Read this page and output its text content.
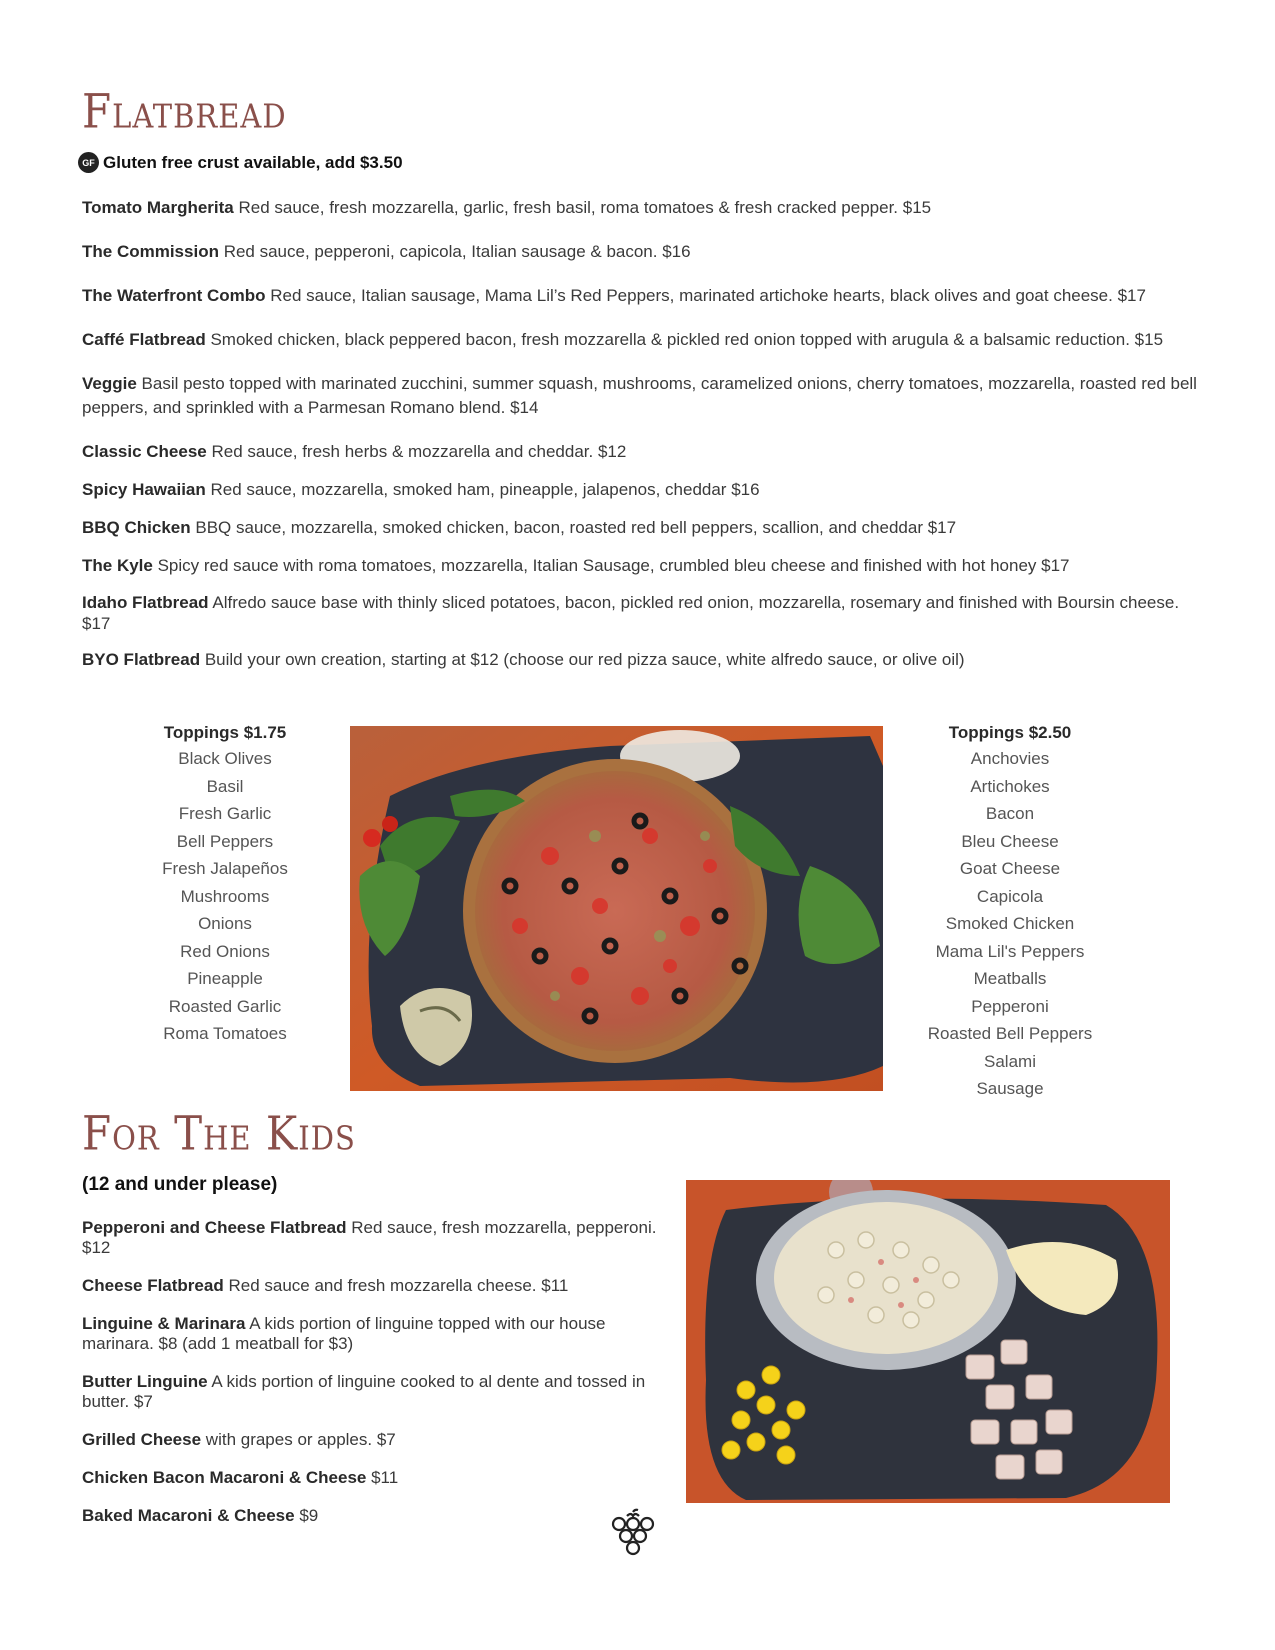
Flatbread
GF Gluten free crust available, add $3.50
Tomato Margherita Red sauce, fresh mozzarella, garlic, fresh basil, roma tomatoes & fresh cracked pepper. $15
The Commission Red sauce, pepperoni, capicola, Italian sausage & bacon. $16
The Waterfront Combo Red sauce, Italian sausage, Mama Lil’s Red Peppers, marinated artichoke hearts, black olives and goat cheese. $17
Caffé Flatbread Smoked chicken, black peppered bacon, fresh mozzarella & pickled red onion topped with arugula & a balsamic reduction. $15
Veggie Basil pesto topped with marinated zucchini, summer squash, mushrooms, caramelized onions, cherry tomatoes, mozzarella, roasted red bell peppers, and sprinkled with a Parmesan Romano blend. $14
Classic Cheese Red sauce, fresh herbs & mozzarella and cheddar. $12
Spicy Hawaiian Red sauce, mozzarella, smoked ham, pineapple, jalapenos, cheddar $16
BBQ Chicken BBQ sauce, mozzarella, smoked chicken, bacon, roasted red bell peppers, scallion, and cheddar $17
The Kyle Spicy red sauce with roma tomatoes, mozzarella, Italian Sausage, crumbled bleu cheese and finished with hot honey $17
Idaho Flatbread Alfredo sauce base with thinly sliced potatoes, bacon, pickled red onion, mozzarella, rosemary and finished with Boursin cheese. $17
BYO Flatbread Build your own creation, starting at $12 (choose our red pizza sauce, white alfredo sauce, or olive oil)
Toppings $1.75
Black Olives
Basil
Fresh Garlic
Bell Peppers
Fresh Jalapeños
Mushrooms
Onions
Red Onions
Pineapple
Roasted Garlic
Roma Tomatoes
Toppings $2.50
Anchovies
Artichokes
Bacon
Bleu Cheese
Goat Cheese
Capicola
Smoked Chicken
Mama Lil's Peppers
Meatballs
Pepperoni
Roasted Bell Peppers
Salami
Sausage
For The Kids
(12 and under please)
Pepperoni and Cheese Flatbread Red sauce, fresh mozzarella, pepperoni. $12
Cheese Flatbread Red sauce and fresh mozzarella cheese. $11
Linguine & Marinara A kids portion of linguine topped with our house marinara. $8 (add 1 meatball for $3)
Butter Linguine A kids portion of linguine cooked to al dente and tossed in butter. $7
Grilled Cheese with grapes or apples. $7
Chicken Bacon Macaroni & Cheese $11
Baked Macaroni & Cheese $9
